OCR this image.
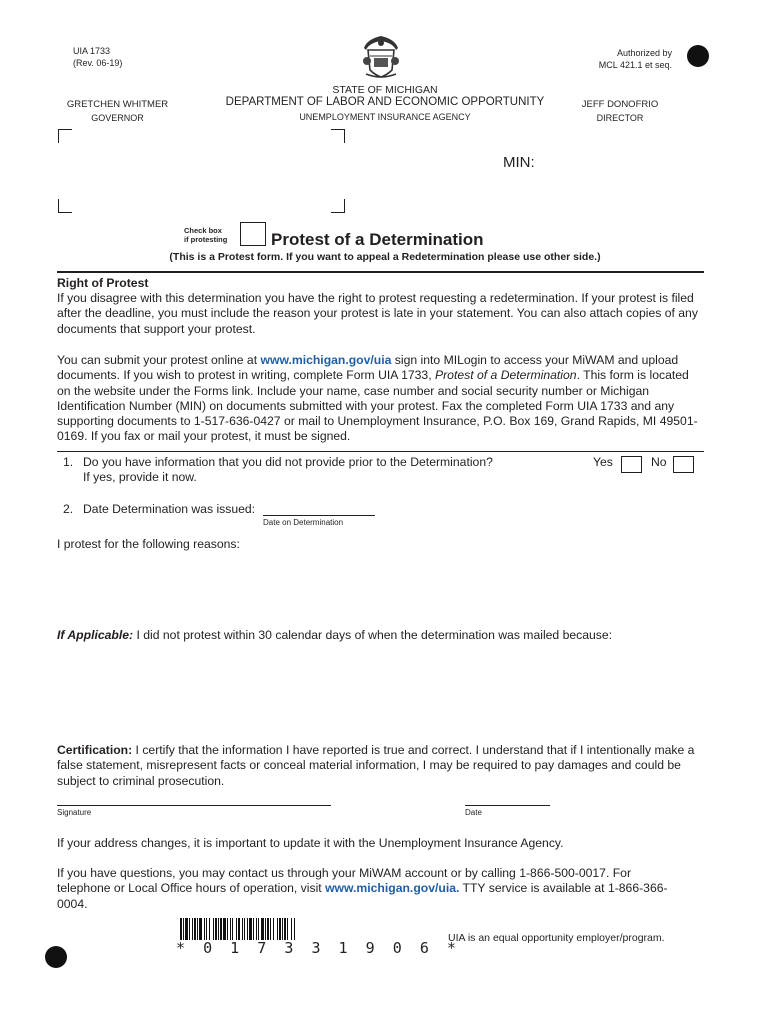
UIA 1733
(Rev. 06-19)
Authorized by
MCL 421.1 et seq.
STATE OF MICHIGAN
DEPARTMENT OF LABOR AND ECONOMIC OPPORTUNITY
UNEMPLOYMENT INSURANCE AGENCY
GRETCHEN WHITMER
GOVERNOR
JEFF DONOFRIO
DIRECTOR
MIN:
Check box
if protesting	Protest of a Determination
(This is a Protest form. If you want to appeal a Redetermination please use other side.)
Right of Protest
If you disagree with this determination you have the right to protest requesting a redetermination. If your protest is filed after the deadline, you must include the reason your protest is late in your statement. You can also attach copies of any documents that support your protest.
You can submit your protest online at www.michigan.gov/uia sign into MILogin to access your MiWAM and upload documents. If you wish to protest in writing, complete Form UIA 1733, Protest of a Determination. This form is located on the website under the Forms link. Include your name, case number and social security number or Michigan Identification Number (MIN) on documents submitted with your protest. Fax the completed Form UIA 1733 and any supporting documents to 1-517-636-0427 or mail to Unemployment Insurance, P.O. Box 169, Grand Rapids, MI 49501-0169. If you fax or mail your protest, it must be signed.
1. Do you have information that you did not provide prior to the Determination?
If yes, provide it now.
Yes	No
2. Date Determination was issued:
Date on Determination
I protest for the following reasons:
If Applicable: I did not protest within 30 calendar days of when the determination was mailed because:
Certification: I certify that the information I have reported is true and correct. I understand that if I intentionally make a false statement, misrepresent facts or conceal material information, I may be required to pay damages and could be subject to criminal prosecution.
Signature	Date
If your address changes, it is important to update it with the Unemployment Insurance Agency.
If you have questions, you may contact us through your MiWAM account or by calling 1-866-500-0017. For telephone or Local Office hours of operation, visit www.michigan.gov/uia. TTY service is available at 1-866-366-0004.
*  0  1  7  3  3  1  9  0  6  *
UIA is an equal opportunity employer/program.
